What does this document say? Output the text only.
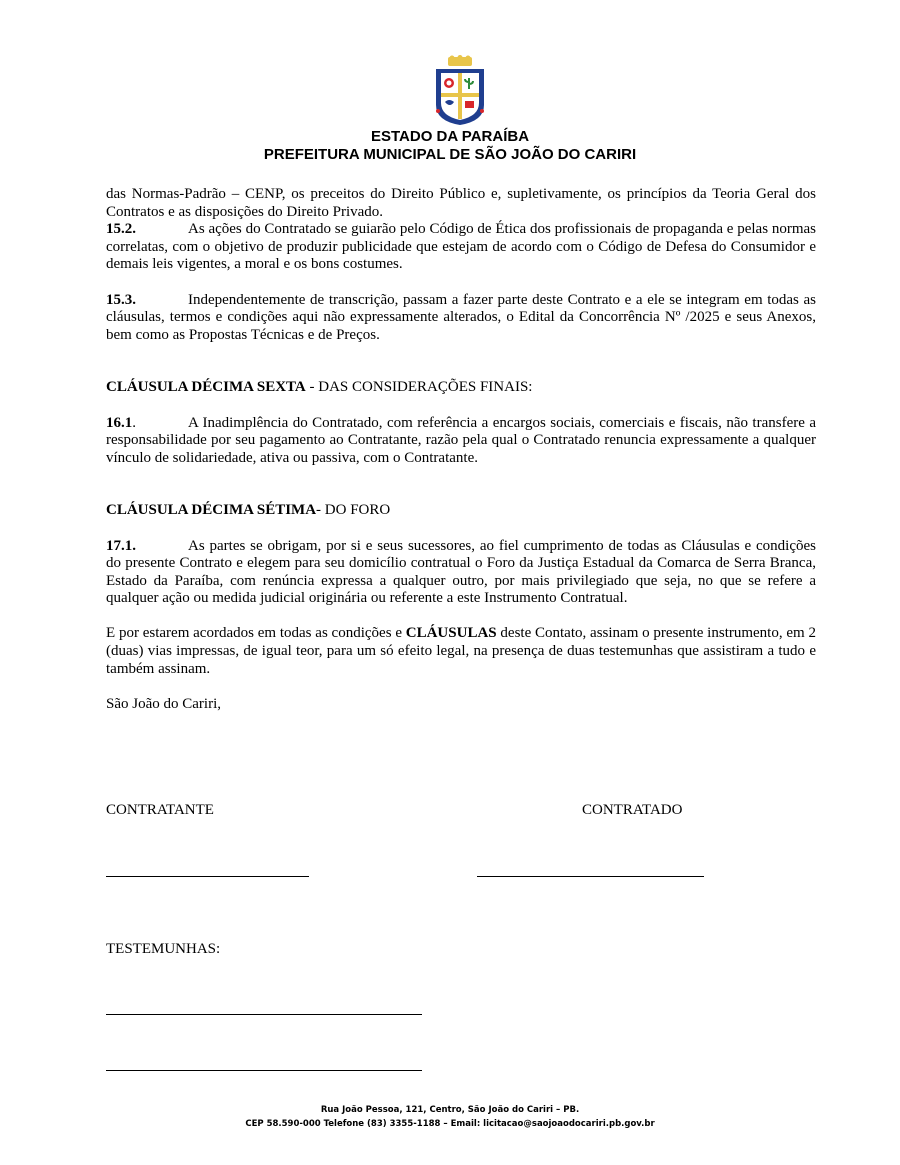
ESTADO DA PARAÍBA
PREFEITURA MUNICIPAL DE SÃO JOÃO DO CARIRI

das Normas-Padrão – CENP, os preceitos do Direito Público e, supletivamente, os princípios da Teoria Geral dos Contratos e as disposições do Direito Privado.

15.2.	As ações do Contratado se guiarão pelo Código de Ética dos profissionais de propaganda e pelas normas correlatas, com o objetivo de produzir publicidade que estejam de acordo com o Código de Defesa do Consumidor e demais leis vigentes, a moral e os bons costumes.

15.3.	Independentemente de transcrição, passam a fazer parte deste Contrato e a ele se integram em todas as cláusulas, termos e condições aqui não expressamente alterados, o Edital da Concorrência Nº /2025 e seus Anexos, bem como as Propostas Técnicas e de Preços.

CLÁUSULA DÉCIMA SEXTA - DAS CONSIDERAÇÕES FINAIS:

16.1.	A Inadimplência do Contratado, com referência a encargos sociais, comerciais e fiscais, não transfere a responsabilidade por seu pagamento ao Contratante, razão pela qual o Contratado renuncia expressamente a qualquer vínculo de solidariedade, ativa ou passiva, com o Contratante.

CLÁUSULA DÉCIMA SÉTIMA- DO FORO

17.1.	As partes se obrigam, por si e seus sucessores, ao fiel cumprimento de todas as Cláusulas e condições do presente Contrato e elegem para seu domicílio contratual o Foro da Justiça Estadual da Comarca de Serra Branca, Estado da Paraíba, com renúncia expressa a qualquer outro, por mais privilegiado que seja, no que se refere a qualquer ação ou medida judicial originária ou referente a este Instrumento Contratual.

E por estarem acordados em todas as condições e CLÁUSULAS deste Contato, assinam o presente instrumento, em 2 (duas) vias impressas, de igual teor, para um só efeito legal, na presença de duas testemunhas que assistiram a tudo e também assinam.

São João do Cariri,

CONTRATANTE	CONTRATADO
TESTEMUNHAS:
Rua João Pessoa, 121, Centro, São João do Cariri – PB.
CEP 58.590-000 Telefone (83) 3355-1188 – Email: licitacao@saojoaodocariri.pb.gov.br
